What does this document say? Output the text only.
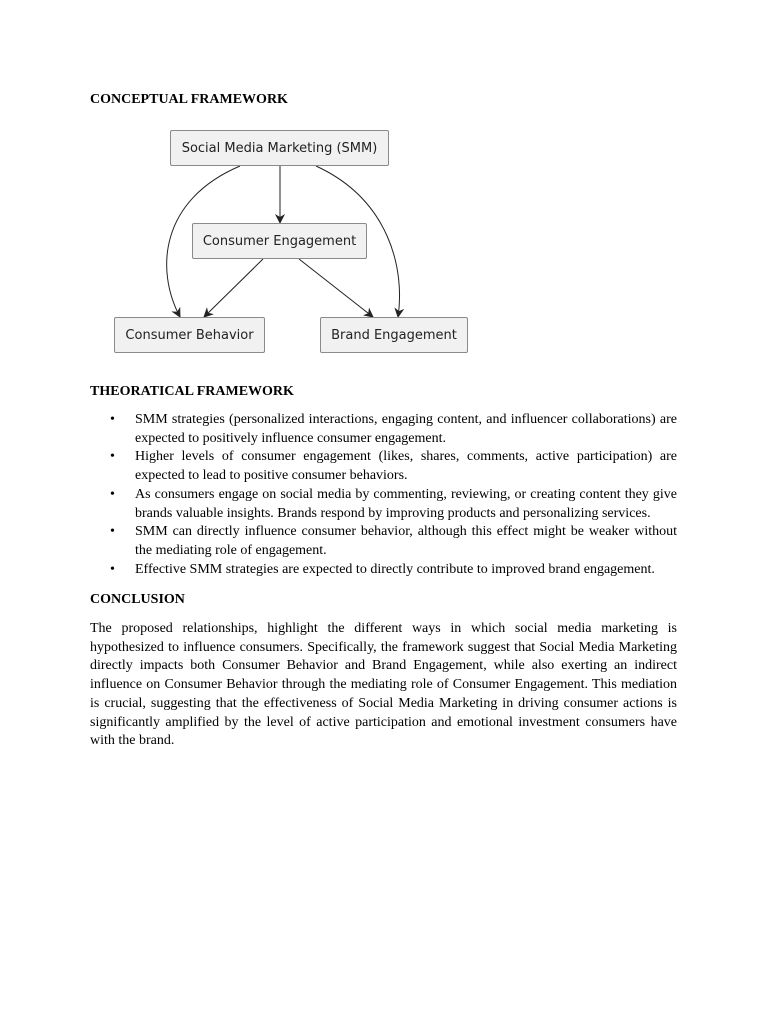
CONCEPTUAL FRAMEWORK
Social Media Marketing (SMM)
Consumer Engagement
Consumer Behavior	Brand Engagement
THEORATICAL FRAMEWORK
• SMM strategies (personalized interactions, engaging content, and influencer collaborations) are expected to positively influence consumer engagement.
• Higher levels of consumer engagement (likes, shares, comments, active participation) are expected to lead to positive consumer behaviors.
• As consumers engage on social media by commenting, reviewing, or creating content they give brands valuable insights. Brands respond by improving products and personalizing services.
• SMM can directly influence consumer behavior, although this effect might be weaker without the mediating role of engagement.
• Effective SMM strategies are expected to directly contribute to improved brand engagement.
CONCLUSION

The proposed relationships, highlight the different ways in which social media marketing is hypothesized to influence consumers. Specifically, the framework suggest that Social Media Marketing directly impacts both Consumer Behavior and Brand Engagement, while also exerting an indirect influence on Consumer Behavior through the mediating role of Consumer Engagement. This mediation is crucial, suggesting that the effectiveness of Social Media Marketing in driving consumer actions is significantly amplified by the level of active participation and emotional investment consumers have with the brand.
